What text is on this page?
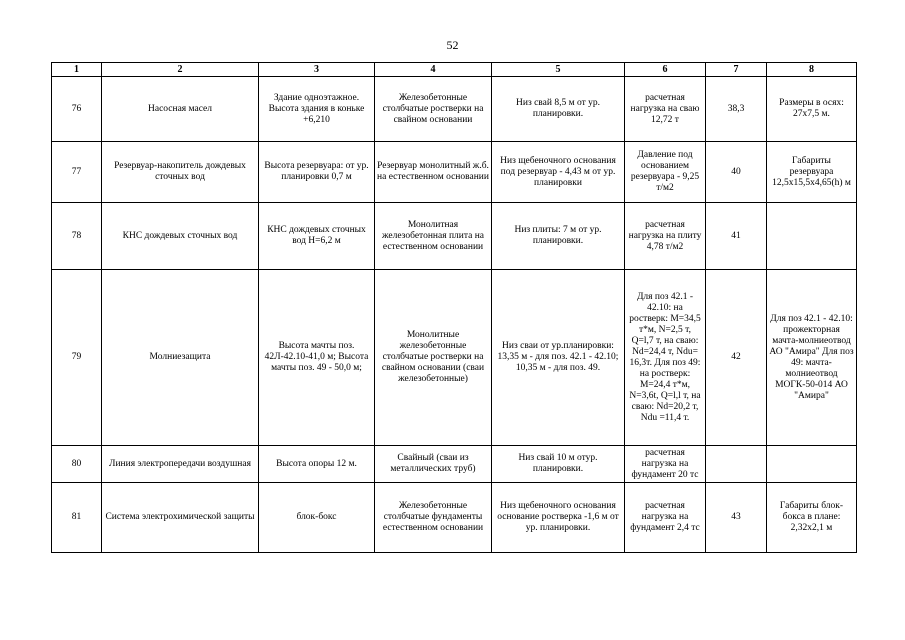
52
1	2	3	4	5	6	7	8
76	Насосная масел	Здание одноэтажное. Высота здания в коньке +6,210	Железобетонные столбчатые ростверки на свайном основании	Низ свай 8,5 м от ур. планировки.	расчетная нагрузка на сваю 12,72 т	38,3	Размеры в осях: 27х7,5 м.
77	Резервуар-накопитель дождевых сточных вод	Высота резервуара: от ур. планировки 0,7 м	Резервуар монолитный ж.б. на естественном основании	Низ щебеночного основания под резервуар - 4,43 м от ур. планировки	Давление под основанием резервуара - 9,25 т/м2	40	Габариты резервуара 12,5х15,5х4,65(h) м
78	КНС дождевых сточных вод	КНС дождевых сточных вод Н=6,2 м	Монолитная железобетонная плита на естественном основании	Низ плиты: 7 м от ур. планировки.	расчетная нагрузка на плиту 4,78 т/м2	41	
79	Молниезащита	Высота мачты поз. 42Л-42.10-41,0 м; Высота мачты поз. 49 - 50,0 м;	Монолитные железобетонные столбчатые ростверки на свайном основании (сваи железобетонные)	Низ сваи от ур.планировки: 13,35 м - для поз. 42.1 - 42.10; 10,35 м - для поз. 49.	Для поз 42.1 - 42.10: на ростверк: М=34,5 т*м, N=2,5 т, Q=l,7 т, на сваю: Nd=24,4 т, Ndu= 16,3т. Для поз 49: на ростверк: М=24,4 т*м, N=3,6t, Q=l,l т, на сваю: Nd=20,2 т, Ndu =11,4 т.	42	Для поз 42.1 - 42.10: прожекторная мачта-молниеотвод АО "Амира" Для поз 49: мачта-молниеотвод МОГК-50-014 АО "Амира"
80	Линия электропередачи воздушная	Высота опоры 12 м.	Свайный (сваи из металлических труб)	Низ свай 10 м отур. планировки.	расчетная нагрузка на фундамент 20 тс		
81	Система электрохимической защиты	блок-бокс	Железобетонные столбчатые фундаменты естественном основании	Низ щебеночного основания основание ростверка -1,6 м от ур. планировки.	расчетная нагрузка на фундамент 2,4 тс	43	Габариты блок-бокса в плане: 2,32х2,1 м
